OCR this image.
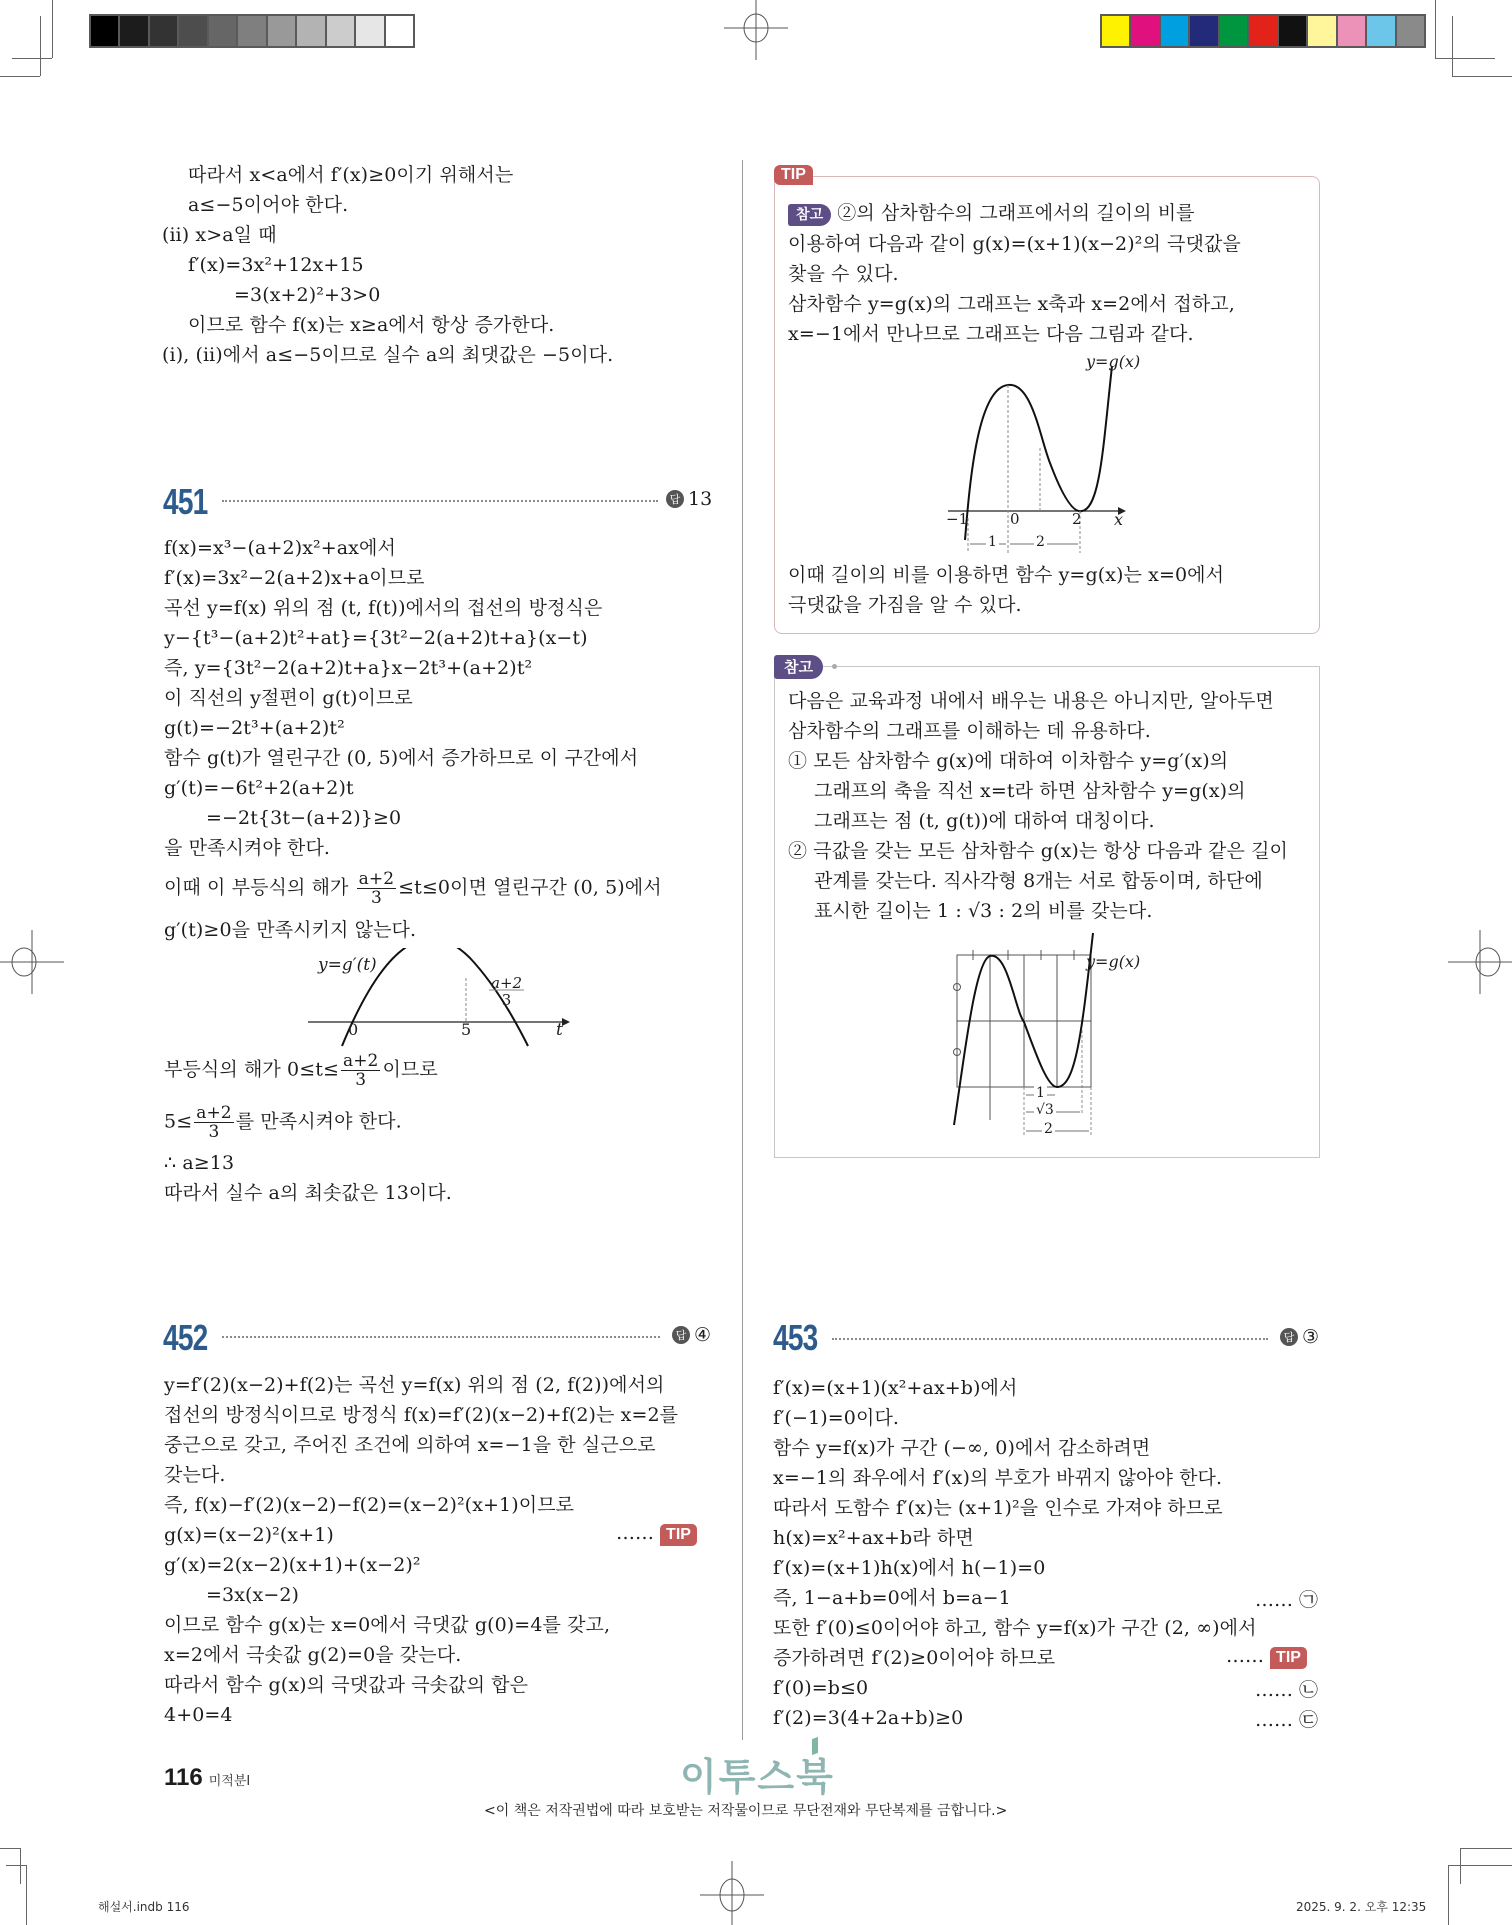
따라서 x<a에서 f′(x)≥0이기 위해서는
a≤−5이어야 한다.
(ⅱ) x>a일 때
f′(x)=3x²+12x+15
=3(x+2)²+3>0
이므로 함수 f(x)는 x≥a에서 항상 증가한다.
(ⅰ), (ⅱ)에서 a≤−5이므로 실수 a의 최댓값은 −5이다.
451	답 13
f(x)=x³−(a+2)x²+ax에서
f′(x)=3x²−2(a+2)x+a이므로
곡선 y=f(x) 위의 점 (t, f(t))에서의 접선의 방정식은
y−{t³−(a+2)t²+at}={3t²−2(a+2)t+a}(x−t)
즉, y={3t²−2(a+2)t+a}x−2t³+(a+2)t²
이 직선의 y절편이 g(t)이므로
g(t)=−2t³+(a+2)t²
함수 g(t)가 열린구간 (0, 5)에서 증가하므로 이 구간에서
g′(t)=−6t²+2(a+2)t
=−2t{3t−(a+2)}≥0
을 만족시켜야 한다.
이때 이 부등식의 해가 $\frac{a+2}{3} \le t\le 0$이면 열린구간 (0, 5)에서
g′(t)≥0을 만족시키지 않는다.
y=g′(t)
0	5	t
a+2
3
부등식의 해가 $0\le t\le \frac{a+2}{3}$ 이므로
$5\le \frac{a+2}{3}$ 를 만족시켜야 한다.
∴ a≥13
따라서 실수 a의 최솟값은 13이다.
452	답 ④
y=f′(2)(x−2)+f(2)는 곡선 y=f(x) 위의 점 (2, f(2))에서의
접선의 방정식이므로 방정식 f(x)=f′(2)(x−2)+f(2)는 x=2를
중근으로 갖고, 주어진 조건에 의하여 x=−1을 한 실근으로
갖는다.
즉, f(x)−f′(2)(x−2)−f(2)=(x−2)²(x+1)이므로
g(x)=(x−2)²(x+1)
g′(x)=2(x−2)(x+1)+(x−2)²
=3x(x−2)
이므로 함수 g(x)는 x=0에서 극댓값 g(0)=4를 갖고,
x=2에서 극솟값 g(2)=0을 갖는다.
따라서 함수 g(x)의 극댓값과 극솟값의 합은
4+0=4
…… TIP
TIP
참고 ②의 삼차함수의 그래프에서의 길이의 비를
이용하여 다음과 같이 g(x)=(x+1)(x−2)²의 극댓값을
찾을 수 있다.
삼차함수 y=g(x)의 그래프는 x축과 x=2에서 접하고,
x=−1에서 만나므로 그래프는 다음 그림과 같다.
y=g(x)
−1	0	2 x
1	2
이때 길이의 비를 이용하면 함수 y=g(x)는 x=0에서
극댓값을 가짐을 알 수 있다.
참고
다음은 교육과정 내에서 배우는 내용은 아니지만, 알아두면
삼차함수의 그래프를 이해하는 데 유용하다.
① 모든 삼차함수 g(x)에 대하여 이차함수 y=g′(x)의
그래프의 축을 직선 x=t라 하면 삼차함수 y=g(x)의
그래프는 점 (t, g(t))에 대하여 대칭이다.
② 극값을 갖는 모든 삼차함수 g(x)는 항상 다음과 같은 길이
관계를 갖는다. 직사각형 8개는 서로 합동이며, 하단에
표시한 길이는 1 : √3 : 2의 비를 갖는다.
y=g(x)
1
√3
2
453	답 ③
f′(x)=(x+1)(x²+ax+b)에서
f′(−1)=0이다.
함수 y=f(x)가 구간 (−∞, 0)에서 감소하려면
x=−1의 좌우에서 f′(x)의 부호가 바뀌지 않아야 한다.
따라서 도함수 f′(x)는 (x+1)²을 인수로 가져야 하므로
h(x)=x²+ax+b라 하면
f′(x)=(x+1)h(x)에서 h(−1)=0
즉, 1−a+b=0에서 b=a−1
또한 f′(0)≤0이어야 하고, 함수 y=f(x)가 구간 (2, ∞)에서
증가하려면 f′(2)≥0이어야 하므로
f′(0)=b≤0
f′(2)=3(4+2a+b)≥0
…… ㉠
…… TIP
…… ㉡
…… ㉢
116 미적분Ⅰ	이투스북
<이 책은 저작권법에 따라 보호받는 저작물이므로 무단전재와 무단복제를 금합니다.>
해설서.indb 116	2025. 9. 2. 오후 12:35
